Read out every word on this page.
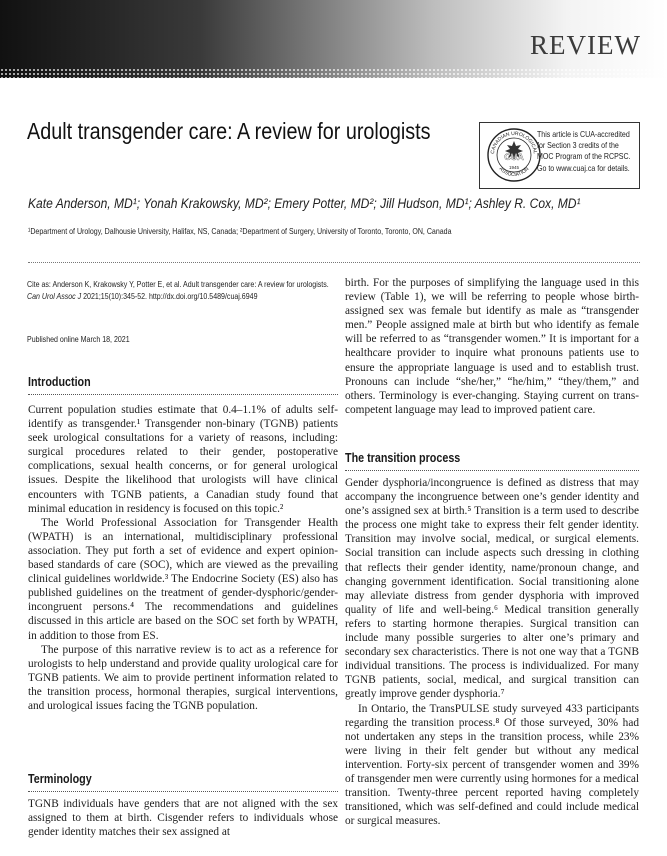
REVIEW
Adult transgender care: A review for urologists
CANADIAN UROLOGICAL
ASSOCIATION
CUA
1945
This article is CUA-accredited
for Section 3 credits of the
MOC Program of the RCPSC.
Go to www.cuaj.ca for details.
Kate Anderson, MD¹; Yonah Krakowsky, MD²; Emery Potter, MD²; Jill Hudson, MD¹; Ashley R. Cox, MD¹
¹Department of Urology, Dalhousie University, Halifax, NS, Canada; ²Department of Surgery, University of Toronto, Toronto, ON, Canada
Cite as: Anderson K, Krakowsky Y, Potter E, et al. Adult transgender care: A review for urologists.
Can Urol Assoc J 2021;15(10):345-52. http://dx.doi.org/10.5489/cuaj.6949
Published online March 18, 2021
Introduction

Current population studies estimate that 0.4–1.1% of adults self-identify as transgender.¹ Transgender non-binary (TGNB) patients seek urological consultations for a variety of reasons, including: surgical procedures related to their gender, postoperative complications, sexual health concerns, or for general urological issues. Despite the likelihood that urologists will have clinical encounters with TGNB patients, a Canadian study found that minimal education in residency is focused on this topic.²

The World Professional Association for Transgender Health (WPATH) is an international, multidisciplinary professional association. They put forth a set of evidence and expert opinion-based standards of care (SOC), which are viewed as the prevailing clinical guidelines worldwide.³ The Endocrine Society (ES) also has published guidelines on the treatment of gender-dysphoric/gender-incongruent persons.⁴ The recommendations and guidelines discussed in this article are based on the SOC set forth by WPATH, in addition to those from ES.

The purpose of this narrative review is to act as a reference for urologists to help understand and provide quality urological care for TGNB patients. We aim to provide pertinent information related to the transition process, hormonal therapies, surgical interventions, and urological issues facing the TGNB population.

Terminology

TGNB individuals have genders that are not aligned with the sex assigned to them at birth. Cisgender refers to individuals whose gender identity matches their sex assigned at

birth. For the purposes of simplifying the language used in this review (Table 1), we will be referring to people whose birth-assigned sex was female but identify as male as “transgender men.” People assigned male at birth but who identify as female will be referred to as “transgender women.” It is important for a healthcare provider to inquire what pronouns patients use to ensure the appropriate language is used and to establish trust. Pronouns can include “she/her,” “he/him,” “they/them,” and others. Terminology is ever-changing. Staying current on trans-competent language may lead to improved patient care.

The transition process

Gender dysphoria/incongruence is defined as distress that may accompany the incongruence between one’s gender identity and one’s assigned sex at birth.⁵ Transition is a term used to describe the process one might take to express their felt gender identity. Transition may involve social, medical, or surgical elements. Social transition can include aspects such dressing in clothing that reflects their gender identity, name/pronoun change, and changing government identification. Social transitioning alone may alleviate distress from gender dysphoria with improved quality of life and well-being.⁶ Medical transition generally refers to starting hormone therapies. Surgical transition can include many possible surgeries to alter one’s primary and secondary sex characteristics. There is not one way that a TGNB individual transitions. The process is individualized. For many TGNB patients, social, medical, and surgical transition can greatly improve gender dysphoria.⁷

In Ontario, the TransPULSE study surveyed 433 participants regarding the transition process.⁸ Of those surveyed, 30% had not undertaken any steps in the transition process, while 23% were living in their felt gender but without any medical intervention. Forty-six percent of transgender women and 39% of transgender men were currently using hormones for a medical transition. Twenty-three percent reported having completely transitioned, which was self-defined and could include medical or surgical measures.
